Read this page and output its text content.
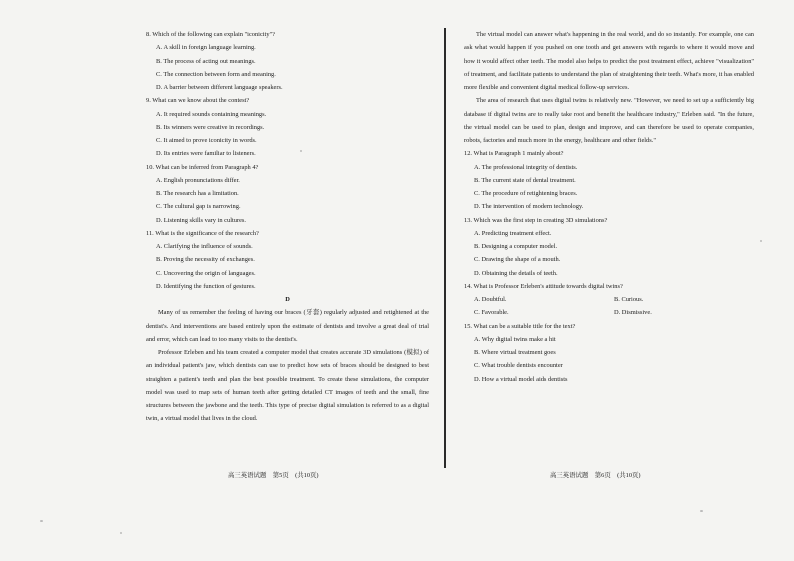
8. Which of the following can explain "iconicity"?

A. A skill in foreign language learning.

B. The process of acting out meanings.

C. The connection between form and meaning.

D. A barrier between different language speakers.

9. What can we know about the contest?

A. It required sounds containing meanings.

B. Its winners were creative in recordings.

C. It aimed to prove iconicity in words.

D. Its entries were familiar to listeners.

10. What can be inferred from Paragraph 4?

A. English pronunciations differ.

B. The research has a limitation.

C. The cultural gap is narrowing.

D. Listening skills vary in cultures.

11. What is the significance of the research?

A. Clarifying the influence of sounds.

B. Proving the necessity of exchanges.

C. Uncovering the origin of languages.

D. Identifying the function of gestures.

D

Many of us remember the feeling of having our braces (牙套) regularly adjusted and retightened at the dentist's. And interventions are based entirely upon the estimate of dentists and involve a great deal of trial and error, which can lead to too many visits to the dentist's.

Professor Erleben and his team created a computer model that creates accurate 3D simulations (模拟) of an individual patient's jaw, which dentists can use to predict how sets of braces should be designed to best straighten a patient's teeth and plan the best possible treatment. To create these simulations, the computer model was used to map sets of human teeth after getting detailed CT images of teeth and the small, fine structures between the jawbone and the teeth. This type of precise digital simulation is referred to as a digital twin, a virtual model that lives in the cloud.

高三英语试题　第5页　(共10页)

The virtual model can answer what's happening in the real world, and do so instantly. For example, one can ask what would happen if you pushed on one tooth and get answers with regards to where it would move and how it would affect other teeth. The model also helps to predict the post treatment effect, achieve "visualization" of treatment, and facilitate patients to understand the plan of straightening their teeth. What's more, it has enabled more flexible and convenient digital medical follow-up services.

The area of research that uses digital twins is relatively new. "However, we need to set up a sufficiently big database if digital twins are to really take root and benefit the healthcare industry," Erleben said. "In the future, the virtual model can be used to plan, design and improve, and can therefore be used to operate companies, robots, factories and much more in the energy, healthcare and other fields."

12. What is Paragraph 1 mainly about?

A. The professional integrity of dentists.

B. The current state of dental treatment.

C. The procedure of retightening braces.

D. The intervention of modern technology.

13. Which was the first step in creating 3D simulations?

A. Predicting treatment effect.

B. Designing a computer model.

C. Drawing the shape of a mouth.

D. Obtaining the details of teeth.

14. What is Professor Erleben's attitude towards digital twins?

A. Doubtful.	B. Curious.

C. Favorable.	D. Dismissive.

15. What can be a suitable title for the text?

A. Why digital twins make a hit

B. Where virtual treatment goes

C. What trouble dentists encounter

D. How a virtual model aids dentists

高三英语试题　第6页　(共10页)
